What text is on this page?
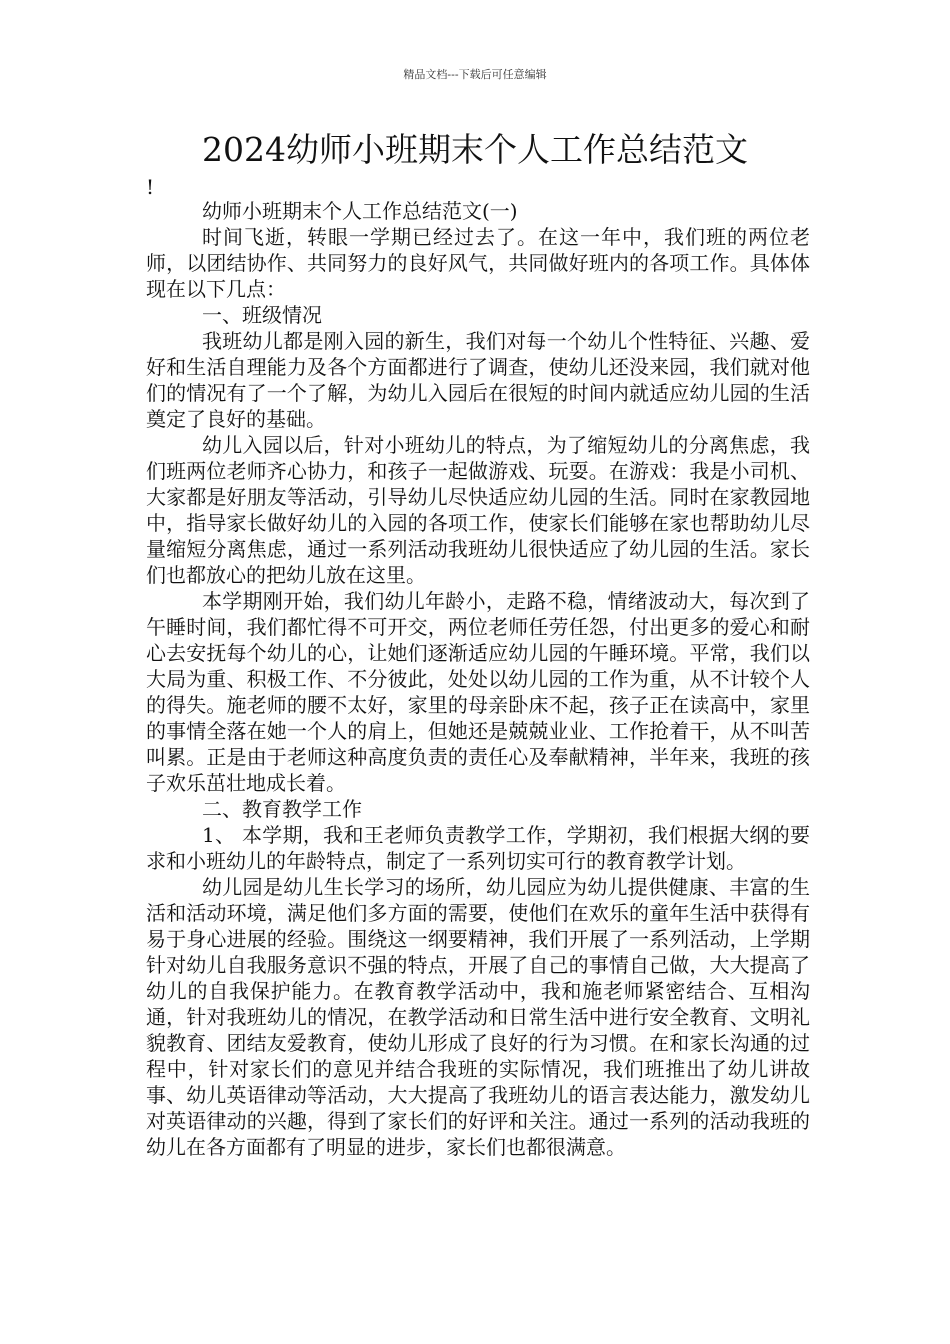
精品文档---下载后可任意编辑
2024幼师小班期末个人工作总结范文
!

幼师小班期末个人工作总结范文(一)

时间飞逝，转眼一学期已经过去了。在这一年中，我们班的两位老师，以团结协作、共同努力的良好风气，共同做好班内的各项工作。具体体现在以下几点：

一、班级情况

我班幼儿都是刚入园的新生，我们对每一个幼儿个性特征、兴趣、爱好和生活自理能力及各个方面都进行了调查，使幼儿还没来园，我们就对他们的情况有了一个了解，为幼儿入园后在很短的时间内就适应幼儿园的生活奠定了良好的基础。

幼儿入园以后，针对小班幼儿的特点，为了缩短幼儿的分离焦虑，我们班两位老师齐心协力，和孩子一起做游戏、玩耍。在游戏：我是小司机、大家都是好朋友等活动，引导幼儿尽快适应幼儿园的生活。同时在家教园地中，指导家长做好幼儿的入园的各项工作，使家长们能够在家也帮助幼儿尽量缩短分离焦虑，通过一系列活动我班幼儿很快适应了幼儿园的生活。家长们也都放心的把幼儿放在这里。

本学期刚开始，我们幼儿年龄小，走路不稳，情绪波动大，每次到了午睡时间，我们都忙得不可开交，两位老师任劳任怨，付出更多的爱心和耐心去安抚每个幼儿的心，让她们逐渐适应幼儿园的午睡环境。平常，我们以大局为重、积极工作、不分彼此，处处以幼儿园的工作为重，从不计较个人的得失。施老师的腰不太好，家里的母亲卧床不起，孩子正在读高中，家里的事情全落在她一个人的肩上，但她还是兢兢业业、工作抢着干，从不叫苦叫累。正是由于老师这种高度负责的责任心及奉献精神，半年来，我班的孩子欢乐茁壮地成长着。

二、教育教学工作

1、 本学期，我和王老师负责教学工作，学期初，我们根据大纲的要求和小班幼儿的年龄特点，制定了一系列切实可行的教育教学计划。

幼儿园是幼儿生长学习的场所，幼儿园应为幼儿提供健康、丰富的生活和活动环境，满足他们多方面的需要，使他们在欢乐的童年生活中获得有易于身心进展的经验。围绕这一纲要精神，我们开展了一系列活动，上学期针对幼儿自我服务意识不强的特点，开展了自己的事情自己做，大大提高了幼儿的自我保护能力。在教育教学活动中，我和施老师紧密结合、互相沟通，针对我班幼儿的情况，在教学活动和日常生活中进行安全教育、文明礼貌教育、团结友爱教育，使幼儿形成了良好的行为习惯。在和家长沟通的过程中，针对家长们的意见并结合我班的实际情况，我们班推出了幼儿讲故事、幼儿英语律动等活动，大大提高了我班幼儿的语言表达能力，激发幼儿对英语律动的兴趣，得到了家长们的好评和关注。通过一系列的活动我班的幼儿在各方面都有了明显的进步，家长们也都很满意。
